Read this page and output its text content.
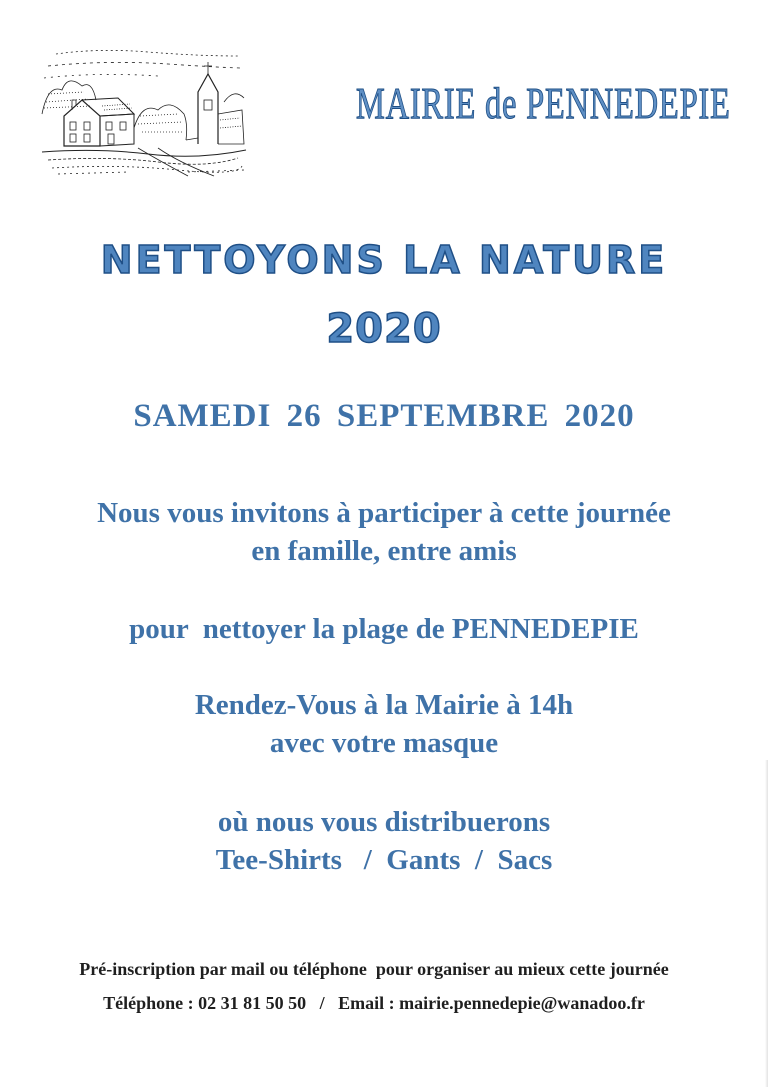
MAIRIE de PENNEDEPIE
NETTOYONS LA NATURE
2020
SAMEDI 26 SEPTEMBRE 2020
Nous vous invitons à participer à cette journée
en famille, entre amis
pour  nettoyer la plage de PENNEDEPIE
Rendez-Vous à la Mairie à 14h
avec votre masque
où nous vous distribuerons
Tee-Shirts   /  Gants  /  Sacs
Pré-inscription par mail ou téléphone  pour organiser au mieux cette journée
Téléphone : 02 31 81 50 50   /   Email : mairie.pennedepie@wanadoo.fr
